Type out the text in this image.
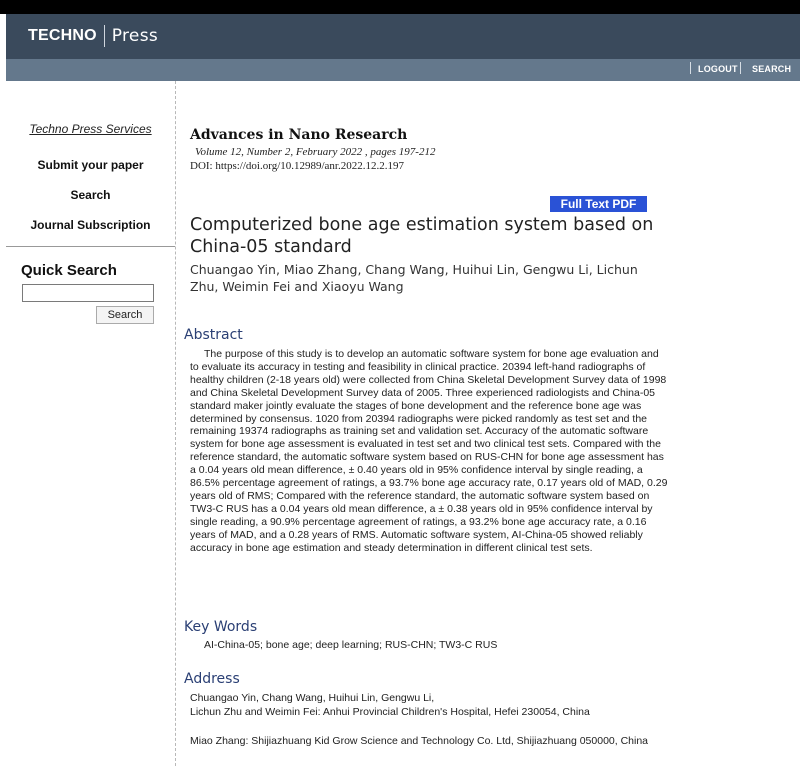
TECHNO Press
LOGOUT SEARCH
Techno Press Services
Submit your paper
Search
Journal Subscription
Quick Search
Search
Advances in Nano Research
Volume 12, Number 2, February 2022 , pages 197-212
DOI: https://doi.org/10.12989/anr.2022.12.2.197
Full Text PDF
Computerized bone age estimation system based on China-05 standard
Chuangao Yin, Miao Zhang, Chang Wang, Huihui Lin, Gengwu Li, Lichun Zhu, Weimin Fei and Xiaoyu Wang
Abstract
The purpose of this study is to develop an automatic software system for bone age evaluation and to evaluate its accuracy in testing and feasibility in clinical practice. 20394 left-hand radiographs of healthy children (2-18 years old) were collected from China Skeletal Development Survey data of 1998 and China Skeletal Development Survey data of 2005. Three experienced radiologists and China-05 standard maker jointly evaluate the stages of bone development and the reference bone age was determined by consensus. 1020 from 20394 radiographs were picked randomly as test set and the remaining 19374 radiographs as training set and validation set. Accuracy of the automatic software system for bone age assessment is evaluated in test set and two clinical test sets. Compared with the reference standard, the automatic software system based on RUS-CHN for bone age assessment has a 0.04 years old mean difference, ± 0.40 years old in 95% confidence interval by single reading, a 86.5% percentage agreement of ratings, a 93.7% bone age accuracy rate, 0.17 years old of MAD, 0.29 years old of RMS; Compared with the reference standard, the automatic software system based on TW3-C RUS has a 0.04 years old mean difference, a ± 0.38 years old in 95% confidence interval by single reading, a 90.9% percentage agreement of ratings, a 93.2% bone age accuracy rate, a 0.16 years of MAD, and a 0.28 years of RMS. Automatic software system, AI-China-05 showed reliably accuracy in bone age estimation and steady determination in different clinical test sets.
Key Words
AI-China-05; bone age; deep learning; RUS-CHN; TW3-C RUS
Address
Chuangao Yin, Chang Wang, Huihui Lin, Gengwu Li,
Lichun Zhu and Weimin Fei: Anhui Provincial Children's Hospital, Hefei 230054, China
Miao Zhang: Shijiazhuang Kid Grow Science and Technology Co. Ltd, Shijiazhuang 050000, China
